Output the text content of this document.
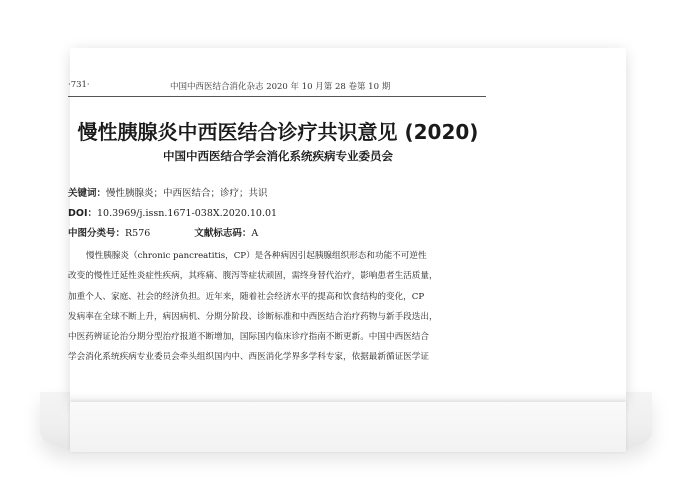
·731·	中国中西医结合消化杂志 2020 年 10 月第 28 卷第 10 期
慢性胰腺炎中西医结合诊疗共识意见 (2020)
中国中西医结合学会消化系统疾病专业委员会
关键词：慢性胰腺炎；中西医结合；诊疗；共识
DOI：10.3969/j.issn.1671-038X.2020.10.01
中图分类号：R576	文献标志码：A
慢性胰腺炎（chronic pancreatitis，CP）是各种病因引起胰腺组织形态和功能不可逆性
改变的慢性迁延性炎症性疾病，其疼痛、腹泻等症状顽固，需终身替代治疗，影响患者生活质量，
加重个人、家庭、社会的经济负担。近年来，随着社会经济水平的提高和饮食结构的变化，CP
发病率在全球不断上升，病因病机、分期分阶段、诊断标准和中西医结合治疗药物与新手段迭出，
中医药辨证论治分期分型治疗报道不断增加，国际国内临床诊疗指南不断更新。中国中西医结合
学会消化系统疾病专业委员会牵头组织国内中、西医消化学界多学科专家，依据最新循证医学证
